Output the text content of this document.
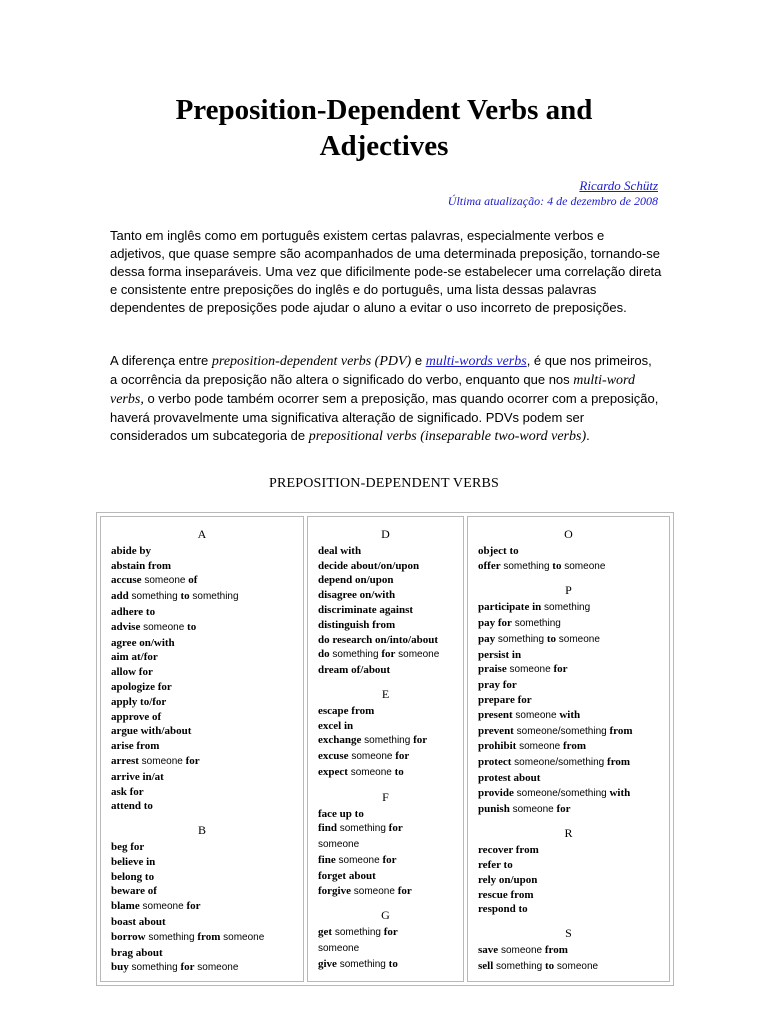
Preposition-Dependent Verbs and Adjectives
Ricardo Schütz
Última atualização: 4 de dezembro de 2008

Tanto em inglês como em português existem certas palavras, especialmente verbos e adjetivos, que quase sempre são acompanhados de uma determinada preposição, tornando-se dessa forma inseparáveis. Uma vez que dificilmente pode-se estabelecer uma correlação direta e consistente entre preposições do inglês e do português, uma lista dessas palavras dependentes de preposições pode ajudar o aluno a evitar o uso incorreto de preposições.

A diferença entre preposition-dependent verbs (PDV) e multi-words verbs, é que nos primeiros, a ocorrência da preposição não altera o significado do verbo, enquanto que nos multi-word verbs, o verbo pode também ocorrer sem a preposição, mas quando ocorrer com a preposição, haverá provavelmente uma significativa alteração de significado. PDVs podem ser considerados um subcategoria de prepositional verbs (inseparable two-word verbs).

PREPOSITION-DEPENDENT VERBS
A
abide by
abstain from
accuse someone of
add something to something
adhere to
advise someone to
agree on/with
aim at/for
allow for
apologize for
apply to/for
approve of
argue with/about
arise from
arrest someone for
arrive in/at
ask for
attend to
B
beg for
believe in
belong to
beware of
blame someone for
boast about
borrow something from someone
brag about
buy something for someone
D
deal with
decide about/on/upon
depend on/upon
disagree on/with
discriminate against
distinguish from
do research on/into/about
do something for someone
dream of/about
E
escape from
excel in
exchange something for
excuse someone for
expect someone to
F
face up to
find something for
someone
fine someone for
forget about
forgive someone for
G
get something for
someone
give something to
O
object to
offer something to someone
P
participate in something
pay for something
pay something to someone
persist in
praise someone for
pray for
prepare for
present someone with
prevent someone/something from
prohibit someone from
protect someone/something from
protest about
provide someone/something with
punish someone for
R
recover from
refer to
rely on/upon
rescue from
respond to
S
save someone from
sell something to someone
